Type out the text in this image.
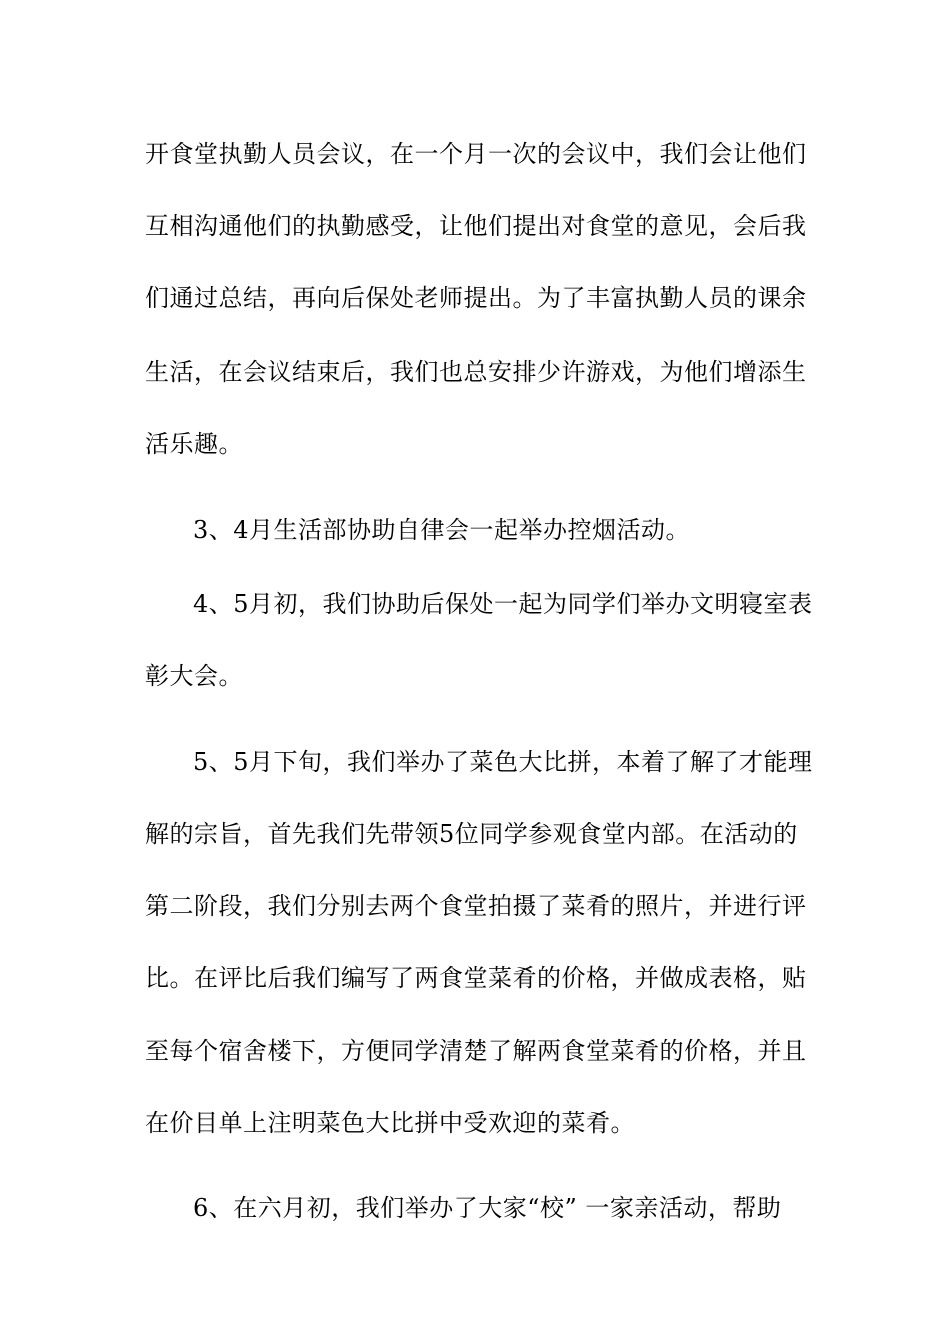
开食堂执勤人员会议，在一个月一次的会议中，我们会让他们
互相沟通他们的执勤感受，让他们提出对食堂的意见，会后我
们通过总结，再向后保处老师提出。为了丰富执勤人员的课余
生活，在会议结束后，我们也总安排少许游戏，为他们增添生
活乐趣。
3、4月生活部协助自律会一起举办控烟活动。
4、5月初，我们协助后保处一起为同学们举办文明寝室表
彰大会。
5、5月下旬，我们举办了菜色大比拼，本着了解了才能理
解的宗旨，首先我们先带领5位同学参观食堂内部。在活动的
第二阶段，我们分别去两个食堂拍摄了菜肴的照片，并进行评
比。在评比后我们编写了两食堂菜肴的价格，并做成表格，贴
至每个宿舍楼下，方便同学清楚了解两食堂菜肴的价格，并且
在价目单上注明菜色大比拼中受欢迎的菜肴。
6、在六月初，我们举办了大家“校” 一家亲活动，帮助
